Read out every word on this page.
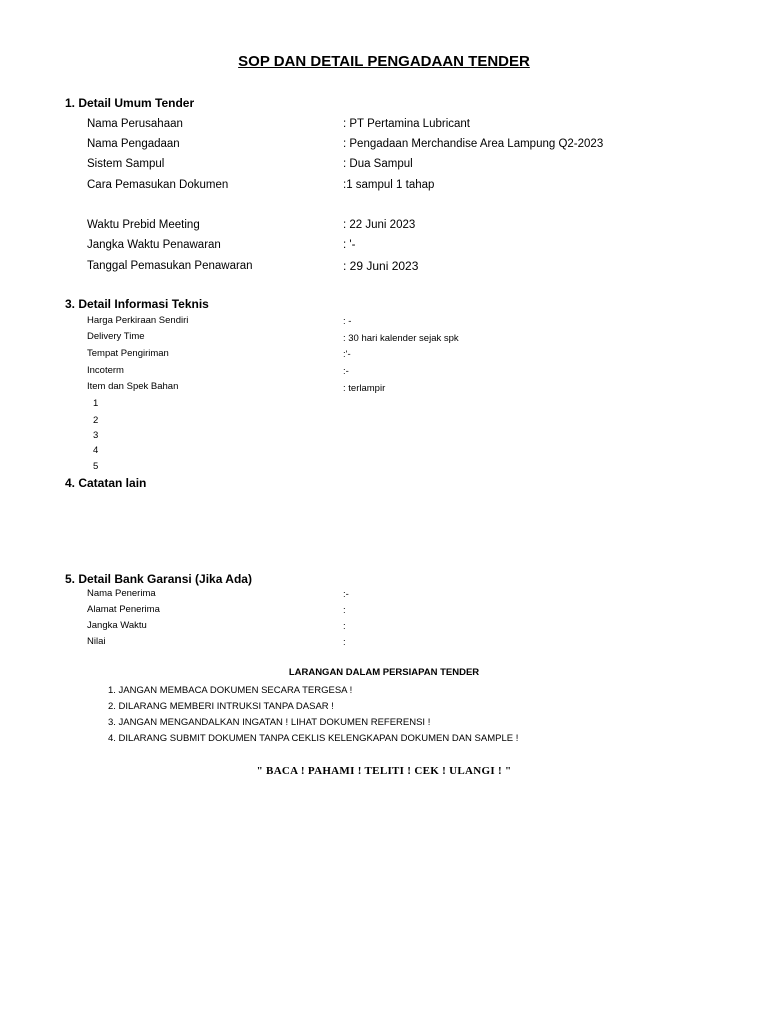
SOP DAN DETAIL PENGADAAN TENDER
1. Detail Umum Tender
Nama Perusahaan	: PT Pertamina Lubricant
Nama Pengadaan	: Pengadaan Merchandise Area Lampung Q2-2023
Sistem Sampul	: Dua Sampul
Cara Pemasukan Dokumen	:1 sampul 1 tahap
Waktu Prebid Meeting	: 22 Juni 2023
Jangka Waktu Penawaran	: '-
Tanggal Pemasukan Penawaran	: 29 Juni 2023
3. Detail Informasi Teknis
Harga Perkiraan Sendiri	: -
Delivery Time	: 30 hari kalender sejak spk
Tempat Pengiriman	:'-
Incoterm	:-
Item dan Spek Bahan	: terlampir
1
2
3
4
5
4. Catatan lain
5. Detail Bank Garansi (Jika Ada)
Nama Penerima	:-
Alamat Penerima	:
Jangka Waktu	:
Nilai	:
LARANGAN DALAM PERSIAPAN TENDER
1. JANGAN MEMBACA DOKUMEN SECARA TERGESA !
2. DILARANG MEMBERI INTRUKSI TANPA DASAR !
3. JANGAN MENGANDALKAN INGATAN ! LIHAT DOKUMEN REFERENSI !
4. DILARANG SUBMIT DOKUMEN TANPA CEKLIS KELENGKAPAN DOKUMEN DAN SAMPLE !
" BACA ! PAHAMI ! TELITI ! CEK ! ULANGI ! "
